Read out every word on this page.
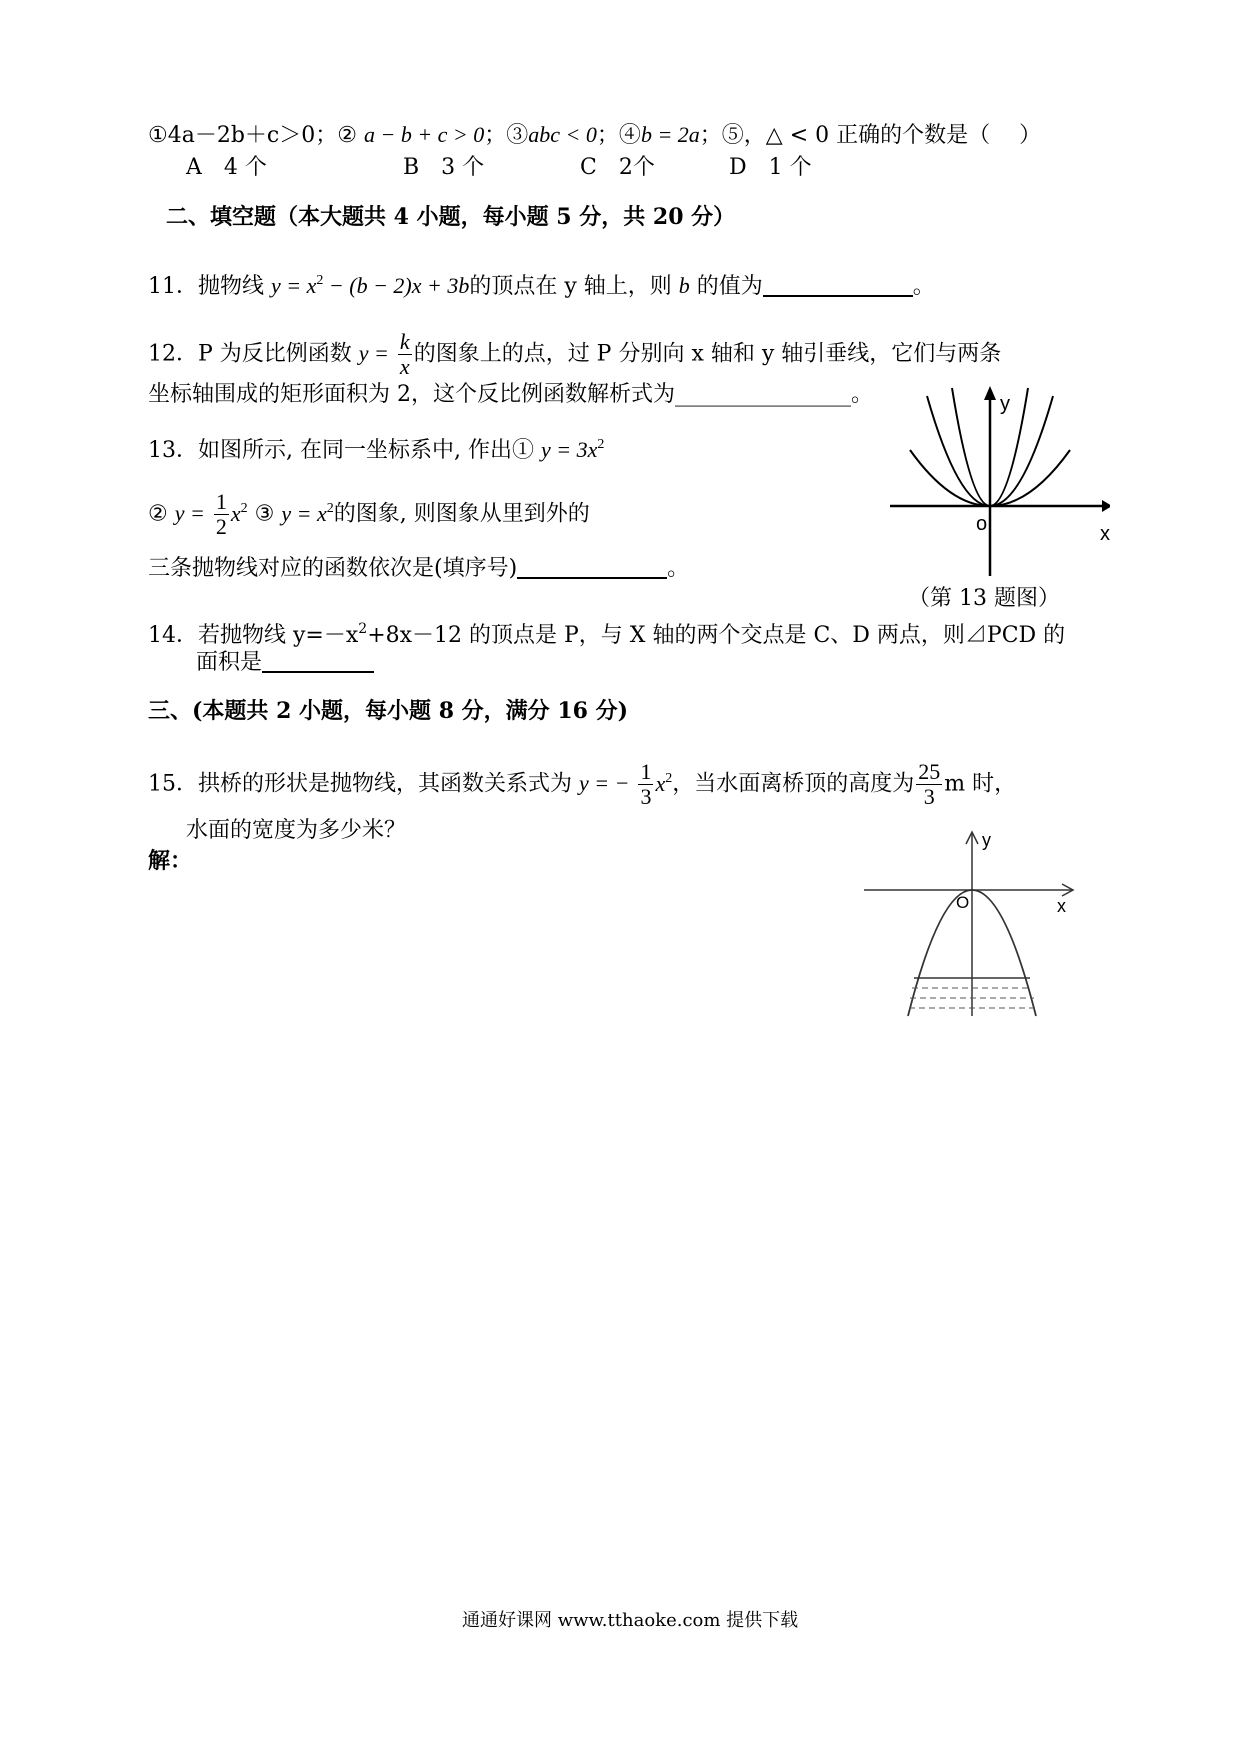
①4a－2b＋c＞0；② a − b + c > 0；③abc < 0；④b = 2a；⑤，△ < 0 正确的个数是（　 ）
A　4 个	B　3 个	C　2个	D　1 个
二、填空题（本大题共 4 小题，每小题 5 分，共 20 分）
11．抛物线 $y = x^2 - (b - 2)x + 3b$的顶点在 y 轴上，则 b 的值为	。
12．P 为反比例函数 $y = \frac{k}{x}$ 的图象上的点，过 P 分别向 x 轴和 y 轴引垂线，它们与两条
坐标轴围成的矩形面积为 2，这个反比例函数解析式为________________。
13．如图所示, 在同一坐标系中, 作出① $y = 3x^2$
② $y = \frac{1}{2} x^2$ ③ $y = x^2$的图象, 则图象从里到外的
三条抛物线对应的函数依次是(填序号)	。
y
x
o
（第 13 题图）
14．若抛物线 $y=-x^2+8x-12$ 的顶点是 P，与 X 轴的两个交点是 C、D 两点，则⊿PCD 的
面积是
三、(本题共 2 小题，每小题 8 分，满分 16 分)
15．拱桥的形状是抛物线，其函数关系式为 y = − $\frac{1}{3} x^2$，当水面离桥顶的高度为 $\frac{25}{3}$ m 时，
水面的宽度为多少米？
解：
y
x
O
通通好课网 www.tthaoke.com 提供下载
